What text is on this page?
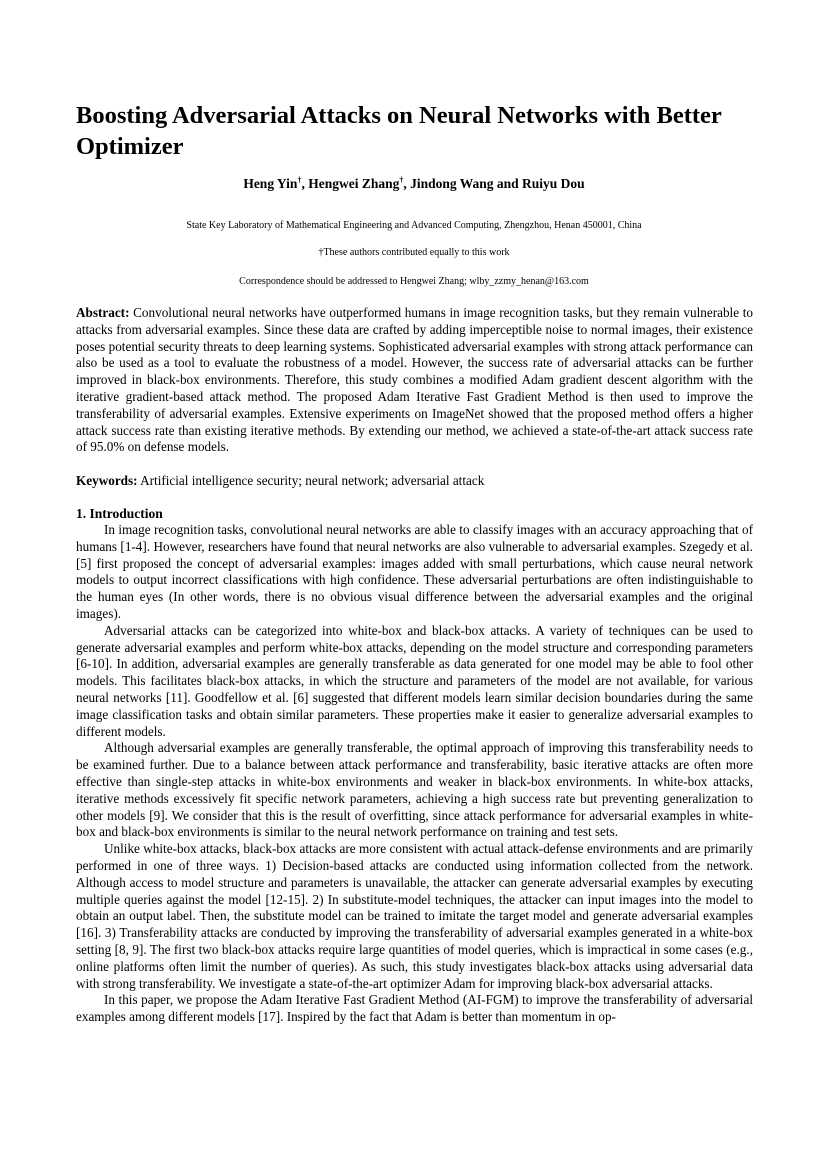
Boosting Adversarial Attacks on Neural Networks with Better Optimizer
Heng Yin†, Hengwei Zhang†, Jindong Wang and Ruiyu Dou
State Key Laboratory of Mathematical Engineering and Advanced Computing, Zhengzhou, Henan 450001, China
†These authors contributed equally to this work
Correspondence should be addressed to Hengwei Zhang; wlby_zzmy_henan@163.com

Abstract: Convolutional neural networks have outperformed humans in image recognition tasks, but they remain vulnerable to attacks from adversarial examples. Since these data are crafted by adding imperceptible noise to normal images, their existence poses potential security threats to deep learning systems. Sophisticated adversarial examples with strong attack performance can also be used as a tool to evaluate the robustness of a model. However, the success rate of adversarial attacks can be further improved in black-box environments. Therefore, this study combines a modified Adam gradient descent algorithm with the iterative gradient-based attack method. The proposed Adam Iterative Fast Gradient Method is then used to improve the transferability of adversarial examples. Extensive experiments on ImageNet showed that the proposed method offers a higher attack success rate than existing iterative methods. By extending our method, we achieved a state-of-the-art attack success rate of 95.0% on defense models.

Keywords: Artificial intelligence security; neural network; adversarial attack

1. Introduction

In image recognition tasks, convolutional neural networks are able to classify images with an accuracy approaching that of humans [1-4]. However, researchers have found that neural networks are also vulnerable to adversarial examples. Szegedy et al. [5] first proposed the concept of adversarial examples: images added with small perturbations, which cause neural network models to output incorrect classifications with high confidence. These adversarial perturbations are often indistinguishable to the human eyes (In other words, there is no obvious visual difference between the adversarial examples and the original images).

Adversarial attacks can be categorized into white-box and black-box attacks. A variety of techniques can be used to generate adversarial examples and perform white-box attacks, depending on the model structure and corresponding parameters [6-10]. In addition, adversarial examples are generally transferable as data generated for one model may be able to fool other models. This facilitates black-box attacks, in which the structure and parameters of the model are not available, for various neural networks [11]. Goodfellow et al. [6] suggested that different models learn similar decision boundaries during the same image classification tasks and obtain similar parameters. These properties make it easier to generalize adversarial examples to different models.

Although adversarial examples are generally transferable, the optimal approach of improving this transferability needs to be examined further. Due to a balance between attack performance and transferability, basic iterative attacks are often more effective than single-step attacks in white-box environments and weaker in black-box environments. In white-box attacks, iterative methods excessively fit specific network parameters, achieving a high success rate but preventing generalization to other models [9]. We consider that this is the result of overfitting, since attack performance for adversarial examples in white-box and black-box environments is similar to the neural network performance on training and test sets.

Unlike white-box attacks, black-box attacks are more consistent with actual attack-defense environments and are primarily performed in one of three ways. 1) Decision-based attacks are conducted using information collected from the network. Although access to model structure and parameters is unavailable, the attacker can generate adversarial examples by executing multiple queries against the model [12-15]. 2) In substitute-model techniques, the attacker can input images into the model to obtain an output label. Then, the substitute model can be trained to imitate the target model and generate adversarial examples [16]. 3) Transferability attacks are conducted by improving the transferability of adversarial examples generated in a white-box setting [8, 9]. The first two black-box attacks require large quantities of model queries, which is impractical in some cases (e.g., online platforms often limit the number of queries). As such, this study investigates black-box attacks using adversarial data with strong transferability. We investigate a state-of-the-art optimizer Adam for improving black-box adversarial attacks.

In this paper, we propose the Adam Iterative Fast Gradient Method (AI-FGM) to improve the transferability of adversarial examples among different models [17]. Inspired by the fact that Adam is better than momentum in op-
